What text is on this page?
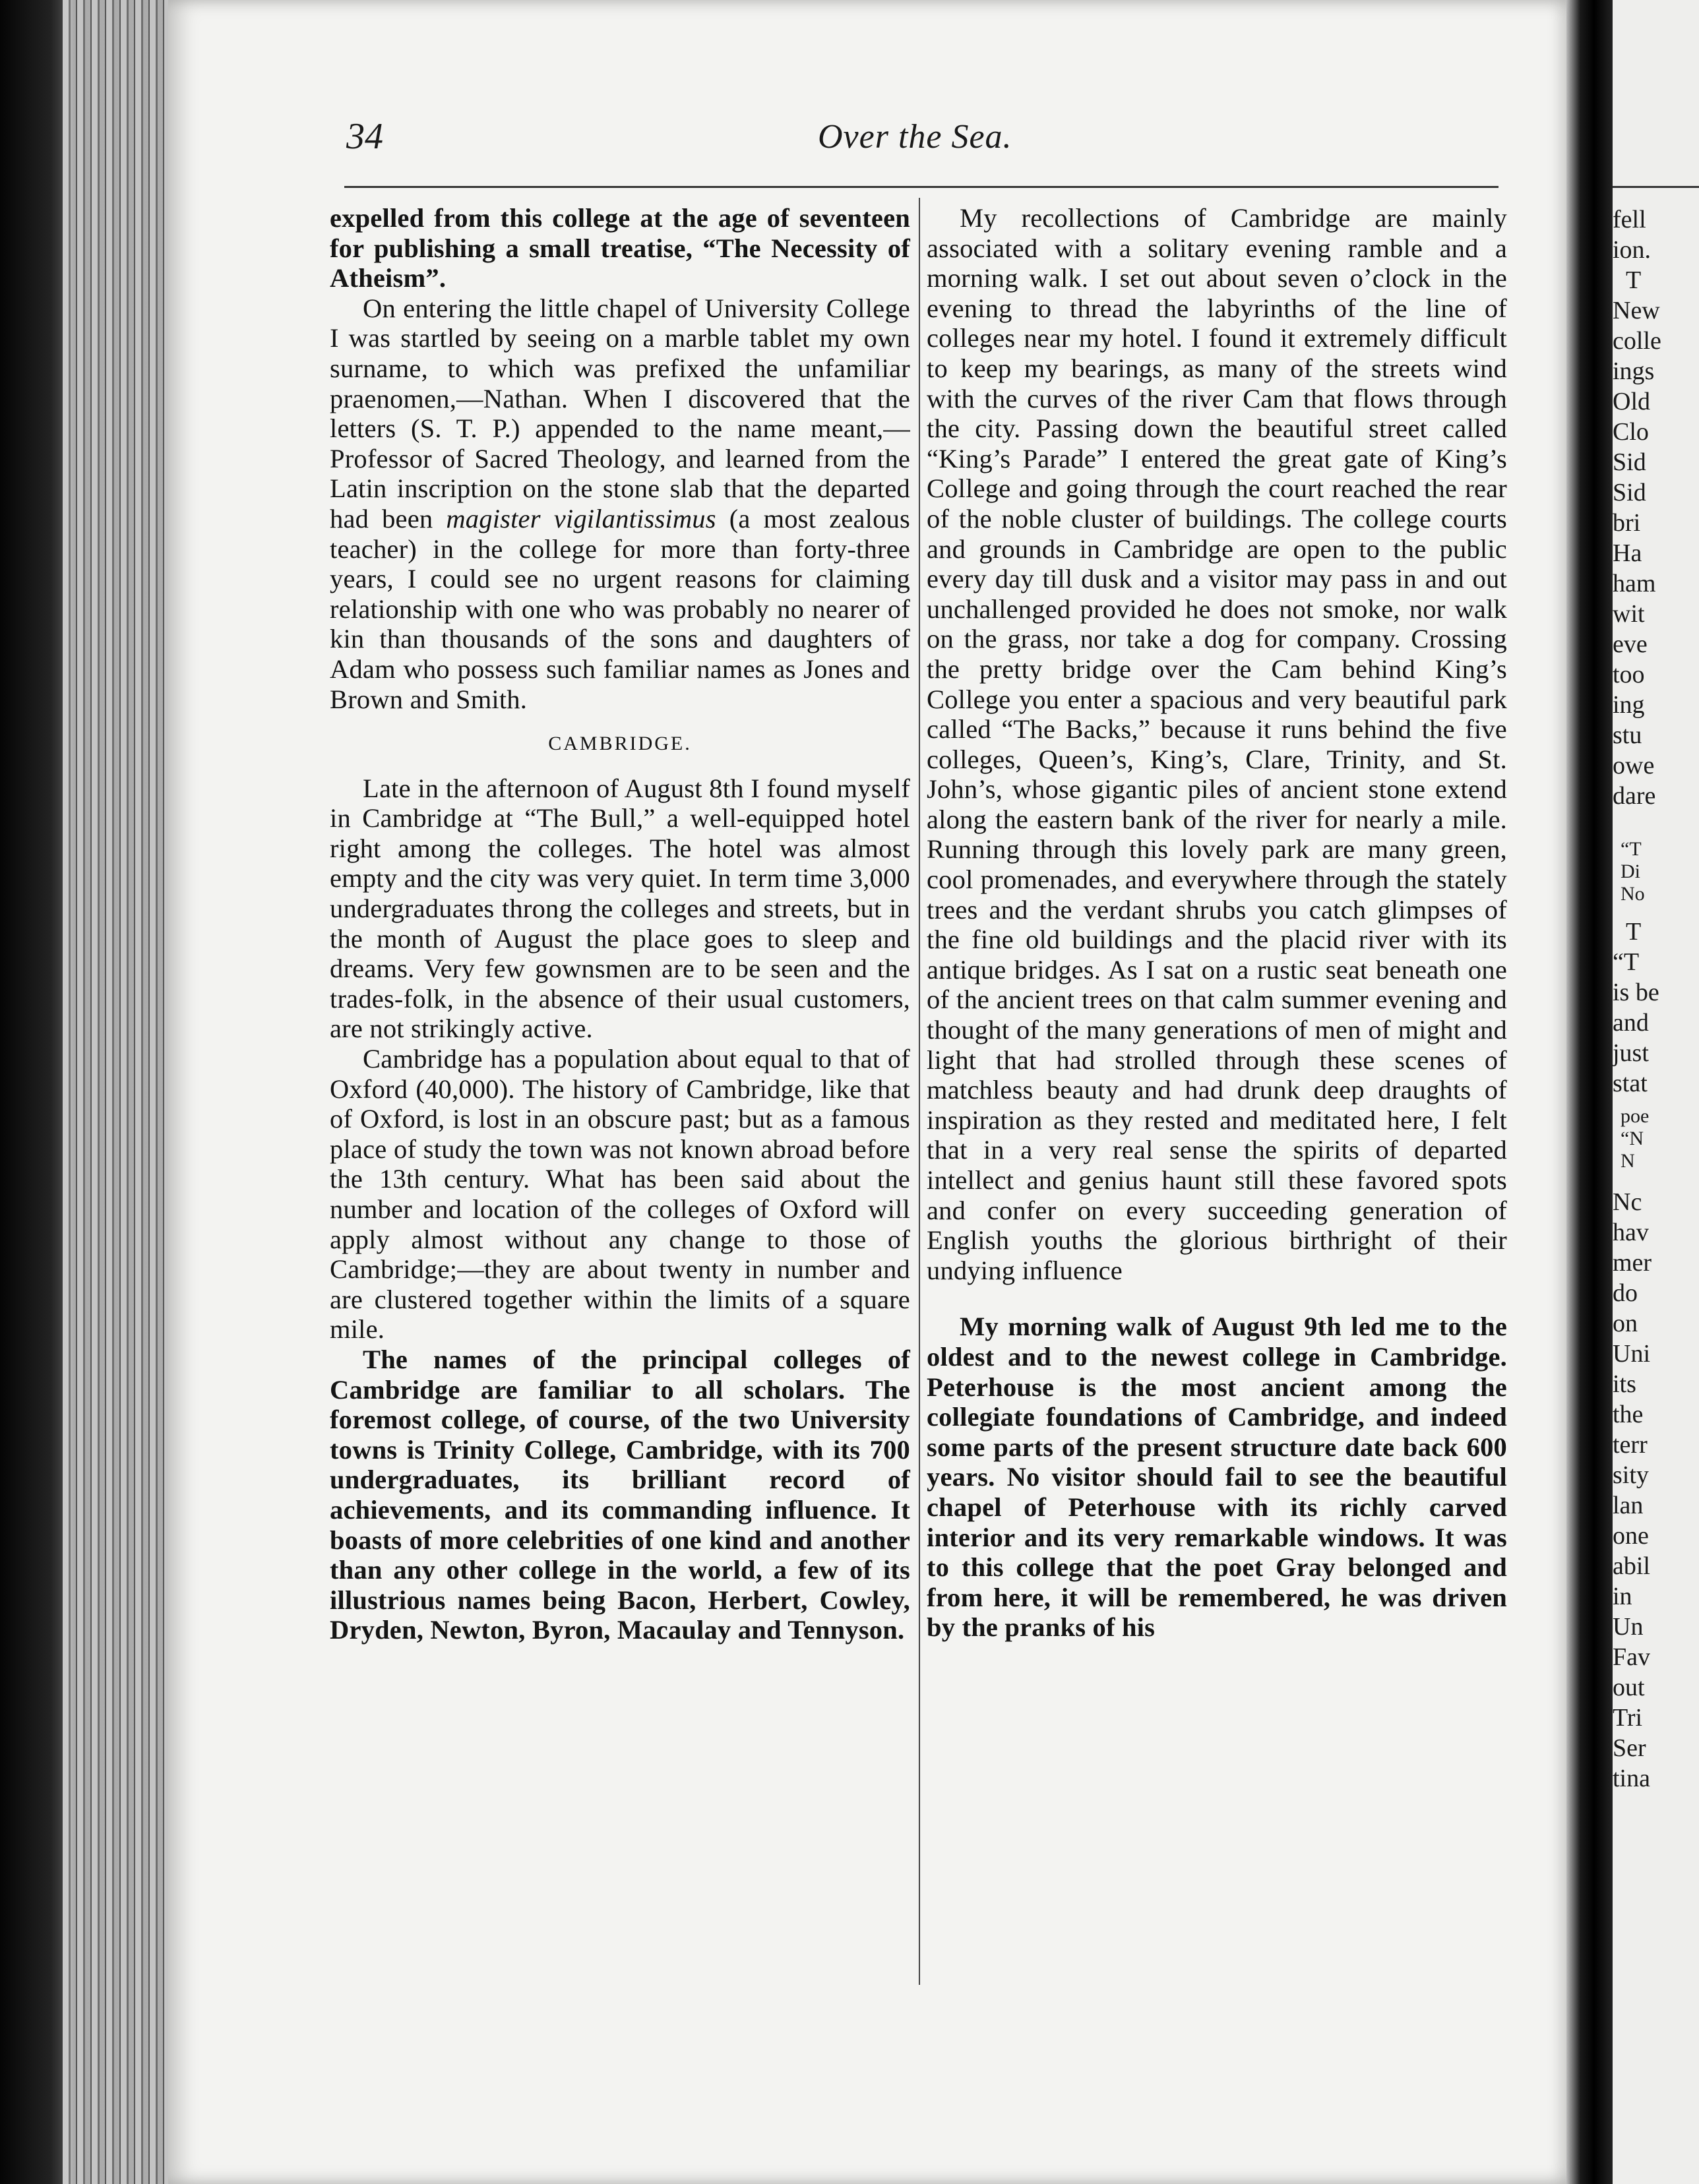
34	Over the Sea.

expelled from this college at the age of seventeen for publishing a small treatise, “The Necessity of Atheism”.

On entering the little chapel of University College I was startled by seeing on a marble tablet my own surname, to which was prefixed the unfamiliar praenomen,—Nathan. When I discovered that the letters (S. T. P.) appended to the name meant,—Professor of Sacred Theology, and learned from the Latin inscription on the stone slab that the departed had been magister vigilantissimus (a most zealous teacher) in the college for more than forty-three years, I could see no urgent reasons for claiming relationship with one who was probably no nearer of kin than thousands of the sons and daughters of Adam who possess such familiar names as Jones and Brown and Smith.

CAMBRIDGE.

Late in the afternoon of August 8th I found myself in Cambridge at “The Bull,” a well-equipped hotel right among the colleges. The hotel was almost empty and the city was very quiet. In term time 3,000 undergraduates throng the colleges and streets, but in the month of August the place goes to sleep and dreams. Very few gownsmen are to be seen and the trades-folk, in the absence of their usual customers, are not strikingly active.

Cambridge has a population about equal to that of Oxford (40,000). The history of Cambridge, like that of Oxford, is lost in an obscure past; but as a famous place of study the town was not known abroad before the 13th century. What has been said about the number and location of the colleges of Oxford will apply almost without any change to those of Cambridge;—they are about twenty in number and are clustered together within the limits of a square mile.

The names of the principal colleges of Cambridge are familiar to all scholars. The foremost college, of course, of the two University towns is Trinity College, Cambridge, with its 700 undergraduates, its brilliant record of achievements, and its commanding influence. It boasts of more celebrities of one kind and another than any other college in the world, a few of its illustrious names being Bacon, Herbert, Cowley, Dryden, Newton, Byron, Macaulay and Tennyson.

My recollections of Cambridge are mainly associated with a solitary evening ramble and a morning walk. I set out about seven o’clock in the evening to thread the labyrinths of the line of colleges near my hotel. I found it extremely difficult to keep my bearings, as many of the streets wind with the curves of the river Cam that flows through the city. Passing down the beautiful street called “King’s Parade” I entered the great gate of King’s College and going through the court reached the rear of the noble cluster of buildings. The college courts and grounds in Cambridge are open to the public every day till dusk and a visitor may pass in and out unchallenged provided he does not smoke, nor walk on the grass, nor take a dog for company. Crossing the pretty bridge over the Cam behind King’s College you enter a spacious and very beautiful park called “The Backs,” because it runs behind the five colleges, Queen’s, King’s, Clare, Trinity, and St. John’s, whose gigantic piles of ancient stone extend along the eastern bank of the river for nearly a mile. Running through this lovely park are many green, cool promenades, and everywhere through the stately trees and the verdant shrubs you catch glimpses of the fine old buildings and the placid river with its antique bridges. As I sat on a rustic seat beneath one of the ancient trees on that calm summer evening and thought of the many generations of men of might and light that had strolled through these scenes of matchless beauty and had drunk deep draughts of inspiration as they rested and meditated here, I felt that in a very real sense the spirits of departed intellect and genius haunt still these favored spots and confer on every succeeding generation of English youths the glorious birthright of their undying influence

My morning walk of August 9th led me to the oldest and to the newest college in Cambridge. Peterhouse is the most ancient among the collegiate foundations of Cambridge, and indeed some parts of the present structure date back 600 years. No visitor should fail to see the beautiful chapel of Peterhouse with its richly carved interior and its very remarkable windows. It was to this college that the poet Gray belonged and from here, it will be remembered, he was driven by the pranks of his

fell
ion.
T
New
colle
ings
Old
Clo
Sid
Sid
bri
Ha
ham
wit
eve
too
ing
stu
owe
dare
“T
Di
No
T
“T
is be
and
just
stat
poe
“N
N
Nc
hav
mer
do
on
Uni
its
the
terr
sity
lan
one
abil
in
Un
Fav
out
Tri
Ser
tina
